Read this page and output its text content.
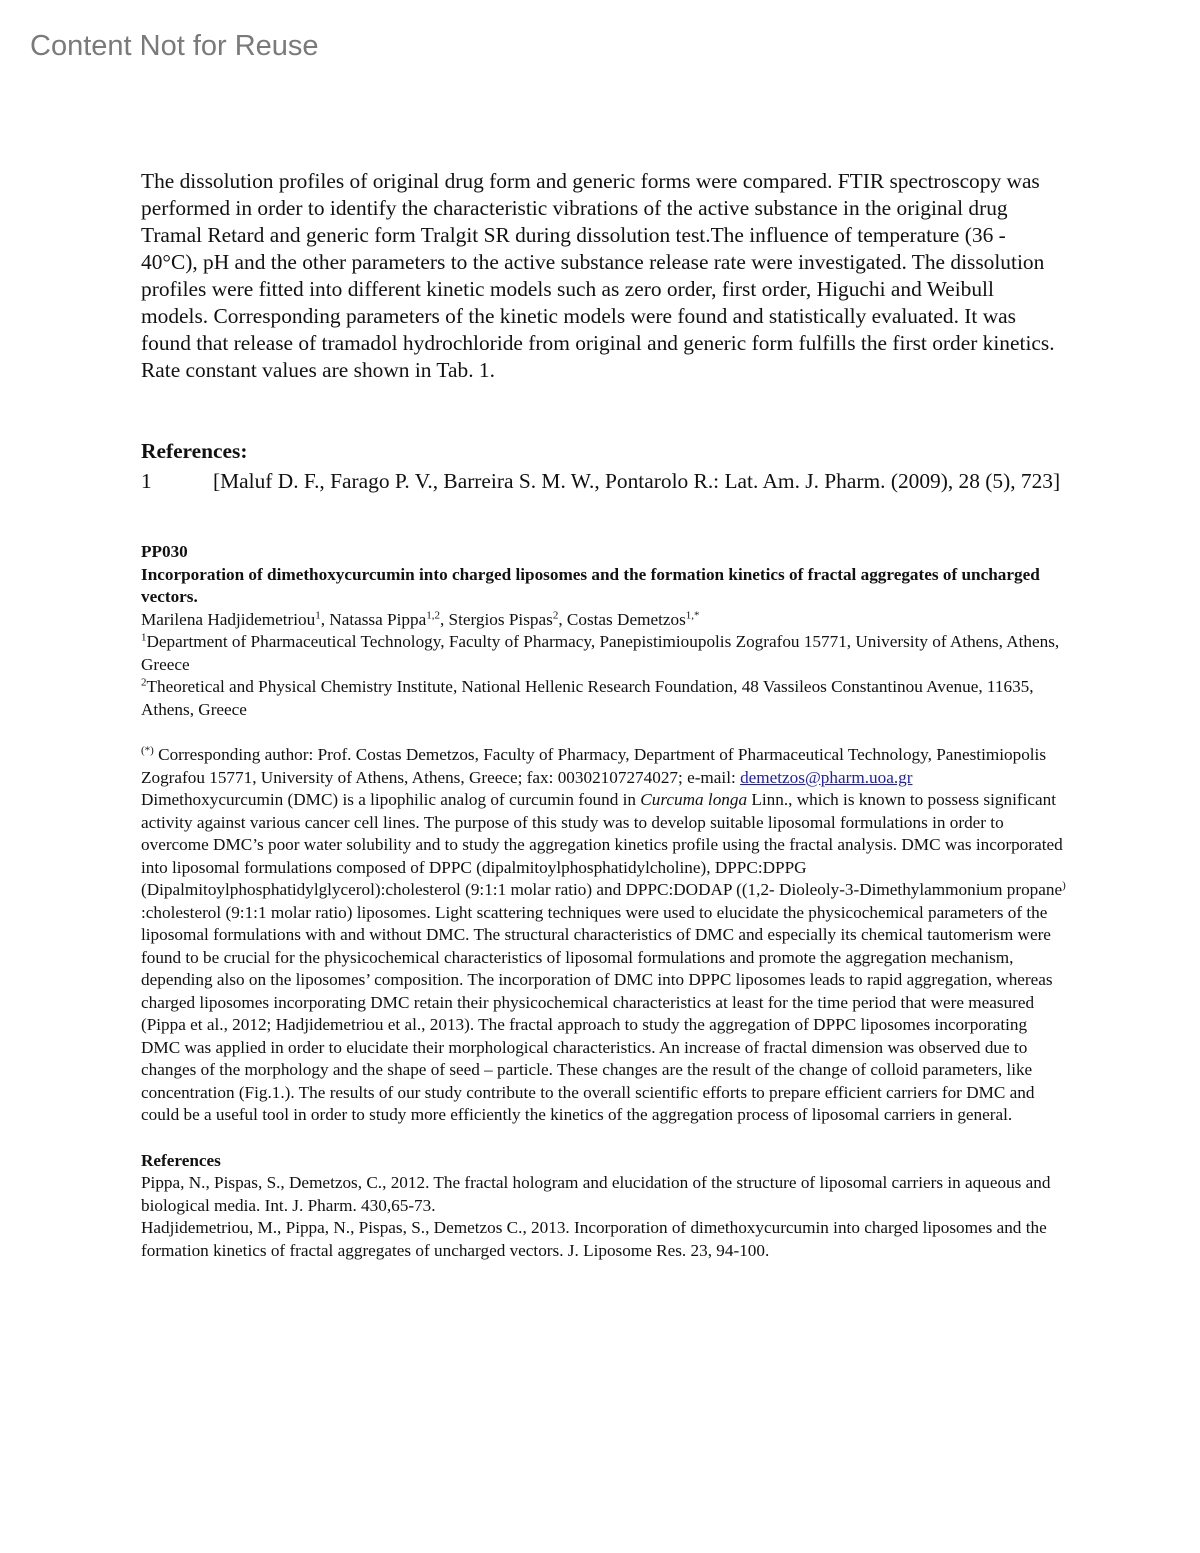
Content Not for Reuse

The dissolution profiles of original drug form and generic forms were compared. FTIR spectroscopy was performed in order to identify the characteristic vibrations of the active substance in the original drug Tramal Retard and generic form Tralgit SR during dissolution test.The influence of temperature (36 - 40°C), pH and the other parameters to the active substance release rate were investigated. The dissolution profiles were fitted into different kinetic models such as zero order, first order, Higuchi and Weibull models. Corresponding parameters of the kinetic models were found and statistically evaluated. It was found that release of tramadol hydrochloride from original and generic form fulfills the first order kinetics. Rate constant values are shown in Tab. 1.

References:
1	[Maluf D. F., Farago P. V., Barreira S. M. W., Pontarolo R.: Lat. Am. J. Pharm. (2009), 28 (5), 723]

PP030

Incorporation of dimethoxycurcumin into charged liposomes and the formation kinetics of fractal aggregates of uncharged vectors.

Marilena Hadjidemetriou$^1$, Natassa Pippa$^{1,2}$, Stergios Pispas$^2$, Costas Demetzos$^{1,*}$

$^1$Department of Pharmaceutical Technology, Faculty of Pharmacy, Panepistimioupolis Zografou 15771, University of Athens, Athens, Greece

$^2$Theoretical and Physical Chemistry Institute, National Hellenic Research Foundation, 48 Vassileos Constantinou Avenue, 11635, Athens, Greece

(*) Corresponding author: Prof. Costas Demetzos, Faculty of Pharmacy, Department of Pharmaceutical Technology, Panestimiopolis Zografou 15771, University of Athens, Athens, Greece; fax: 00302107274027; e-mail: demetzos@pharm.uoa.gr

Dimethoxycurcumin (DMC) is a lipophilic analog of curcumin found in Curcuma longa Linn., which is known to possess significant activity against various cancer cell lines. The purpose of this study was to develop suitable liposomal formulations in order to overcome DMC’s poor water solubility and to study the aggregation kinetics profile using the fractal analysis. DMC was incorporated into liposomal formulations composed of DPPC (dipalmitoylphosphatidylcholine), DPPC:DPPG (Dipalmitoylphosphatidylglycerol):cholesterol (9:1:1 molar ratio) and DPPC:DODAP ((1,2- Dioleoly-3-Dimethylammonium propane) :cholesterol (9:1:1 molar ratio) liposomes. Light scattering techniques were used to elucidate the physicochemical parameters of the liposomal formulations with and without DMC. The structural characteristics of DMC and especially its chemical tautomerism were found to be crucial for the physicochemical characteristics of liposomal formulations and promote the aggregation mechanism, depending also on the liposomes’ composition. The incorporation of DMC into DPPC liposomes leads to rapid aggregation, whereas charged liposomes incorporating DMC retain their physicochemical characteristics at least for the time period that were measured (Pippa et al., 2012; Hadjidemetriou et al., 2013). The fractal approach to study the aggregation of DPPC liposomes incorporating DMC was applied in order to elucidate their morphological characteristics. An increase of fractal dimension was observed due to changes of the morphology and the shape of seed – particle. These changes are the result of the change of colloid parameters, like concentration (Fig.1.). The results of our study contribute to the overall scientific efforts to prepare efficient carriers for DMC and could be a useful tool in order to study more efficiently the kinetics of the aggregation process of liposomal carriers in general.

References

Pippa, N., Pispas, S., Demetzos, C., 2012. The fractal hologram and elucidation of the structure of liposomal carriers in aqueous and biological media. Int. J. Pharm. 430,65-73.

Hadjidemetriou, M., Pippa, N., Pispas, S., Demetzos C., 2013. Incorporation of dimethoxycurcumin into charged liposomes and the formation kinetics of fractal aggregates of uncharged vectors. J. Liposome Res. 23, 94-100.
